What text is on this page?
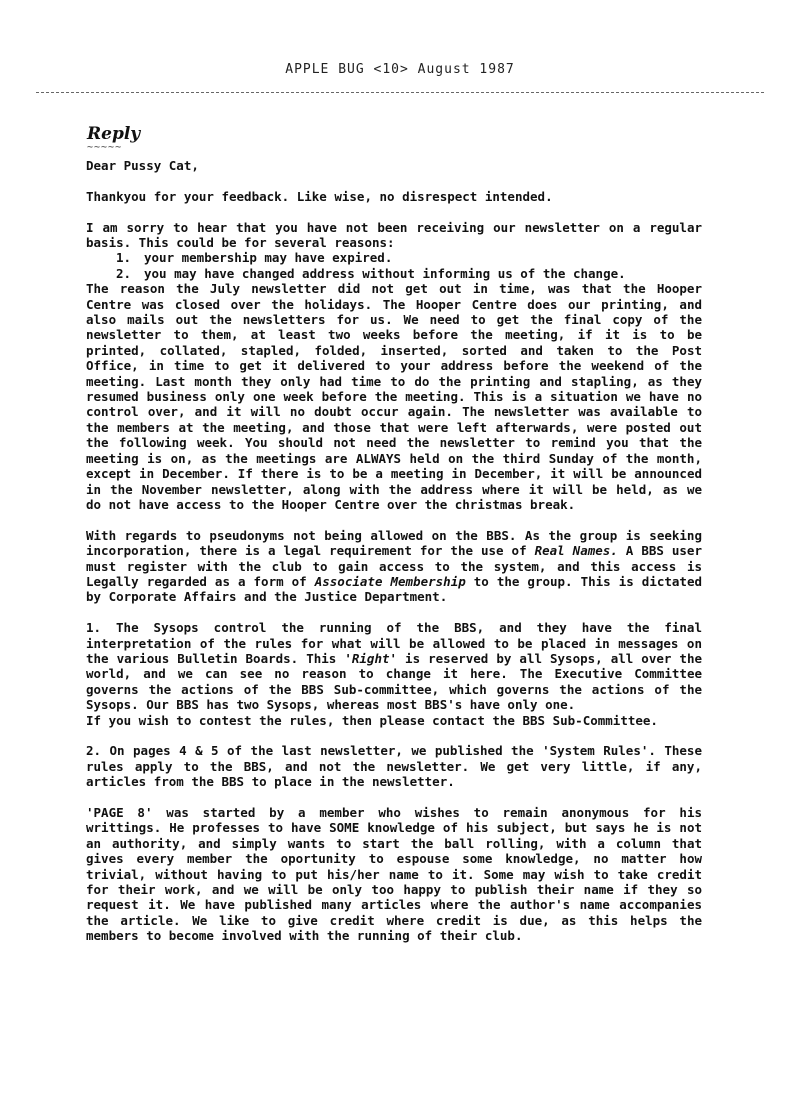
APPLE BUG <10> August 1987
Reply
~~~~~

Dear Pussy Cat,

Thankyou for your feedback. Like wise, no disrespect intended.

I am sorry to hear that you have not been receiving our newsletter on a regular basis. This could be for several reasons:

1. your membership may have expired.

2. you may have changed address without informing us of the change.

The reason the July newsletter did not get out in time, was that the Hooper Centre was closed over the holidays. The Hooper Centre does our printing, and also mails out the newsletters for us. We need to get the final copy of the newsletter to them, at least two weeks before the meeting, if it is to be printed, collated, stapled, folded, inserted, sorted and taken to the Post Office, in time to get it delivered to your address before the weekend of the meeting. Last month they only had time to do the printing and stapling, as they resumed business only one week before the meeting. This is a situation we have no control over, and it will no doubt occur again. The newsletter was available to the members at the meeting, and those that were left afterwards, were posted out the following week. You should not need the newsletter to remind you that the meeting is on, as the meetings are ALWAYS held on the third Sunday of the month, except in December. If there is to be a meeting in December, it will be announced in the November newsletter, along with the address where it will be held, as we do not have access to the Hooper Centre over the christmas break.

With regards to pseudonyms not being allowed on the BBS. As the group is seeking incorporation, there is a legal requirement for the use of Real Names. A BBS user must register with the club to gain access to the system, and this access is Legally regarded as a form of Associate Membership to the group. This is dictated by Corporate Affairs and the Justice Department.

1. The Sysops control the running of the BBS, and they have the final interpretation of the rules for what will be allowed to be placed in messages on the various Bulletin Boards. This 'Right' is reserved by all Sysops, all over the world, and we can see no reason to change it here. The Executive Committee governs the actions of the BBS Sub-committee, which governs the actions of the Sysops. Our BBS has two Sysops, whereas most BBS's have only one.

If you wish to contest the rules, then please contact the BBS Sub-Committee.

2. On pages 4 & 5 of the last newsletter, we published the 'System Rules'. These rules apply to the BBS, and not the newsletter. We get very little, if any, articles from the BBS to place in the newsletter.

'PAGE 8' was started by a member who wishes to remain anonymous for his writtings. He professes to have SOME knowledge of his subject, but says he is not an authority, and simply wants to start the ball rolling, with a column that gives every member the oportunity to espouse some knowledge, no matter how trivial, without having to put his/her name to it. Some may wish to take credit for their work, and we will be only too happy to publish their name if they so request it. We have published many articles where the author's name accompanies the article. We like to give credit where credit is due, as this helps the members to become involved with the running of their club.
